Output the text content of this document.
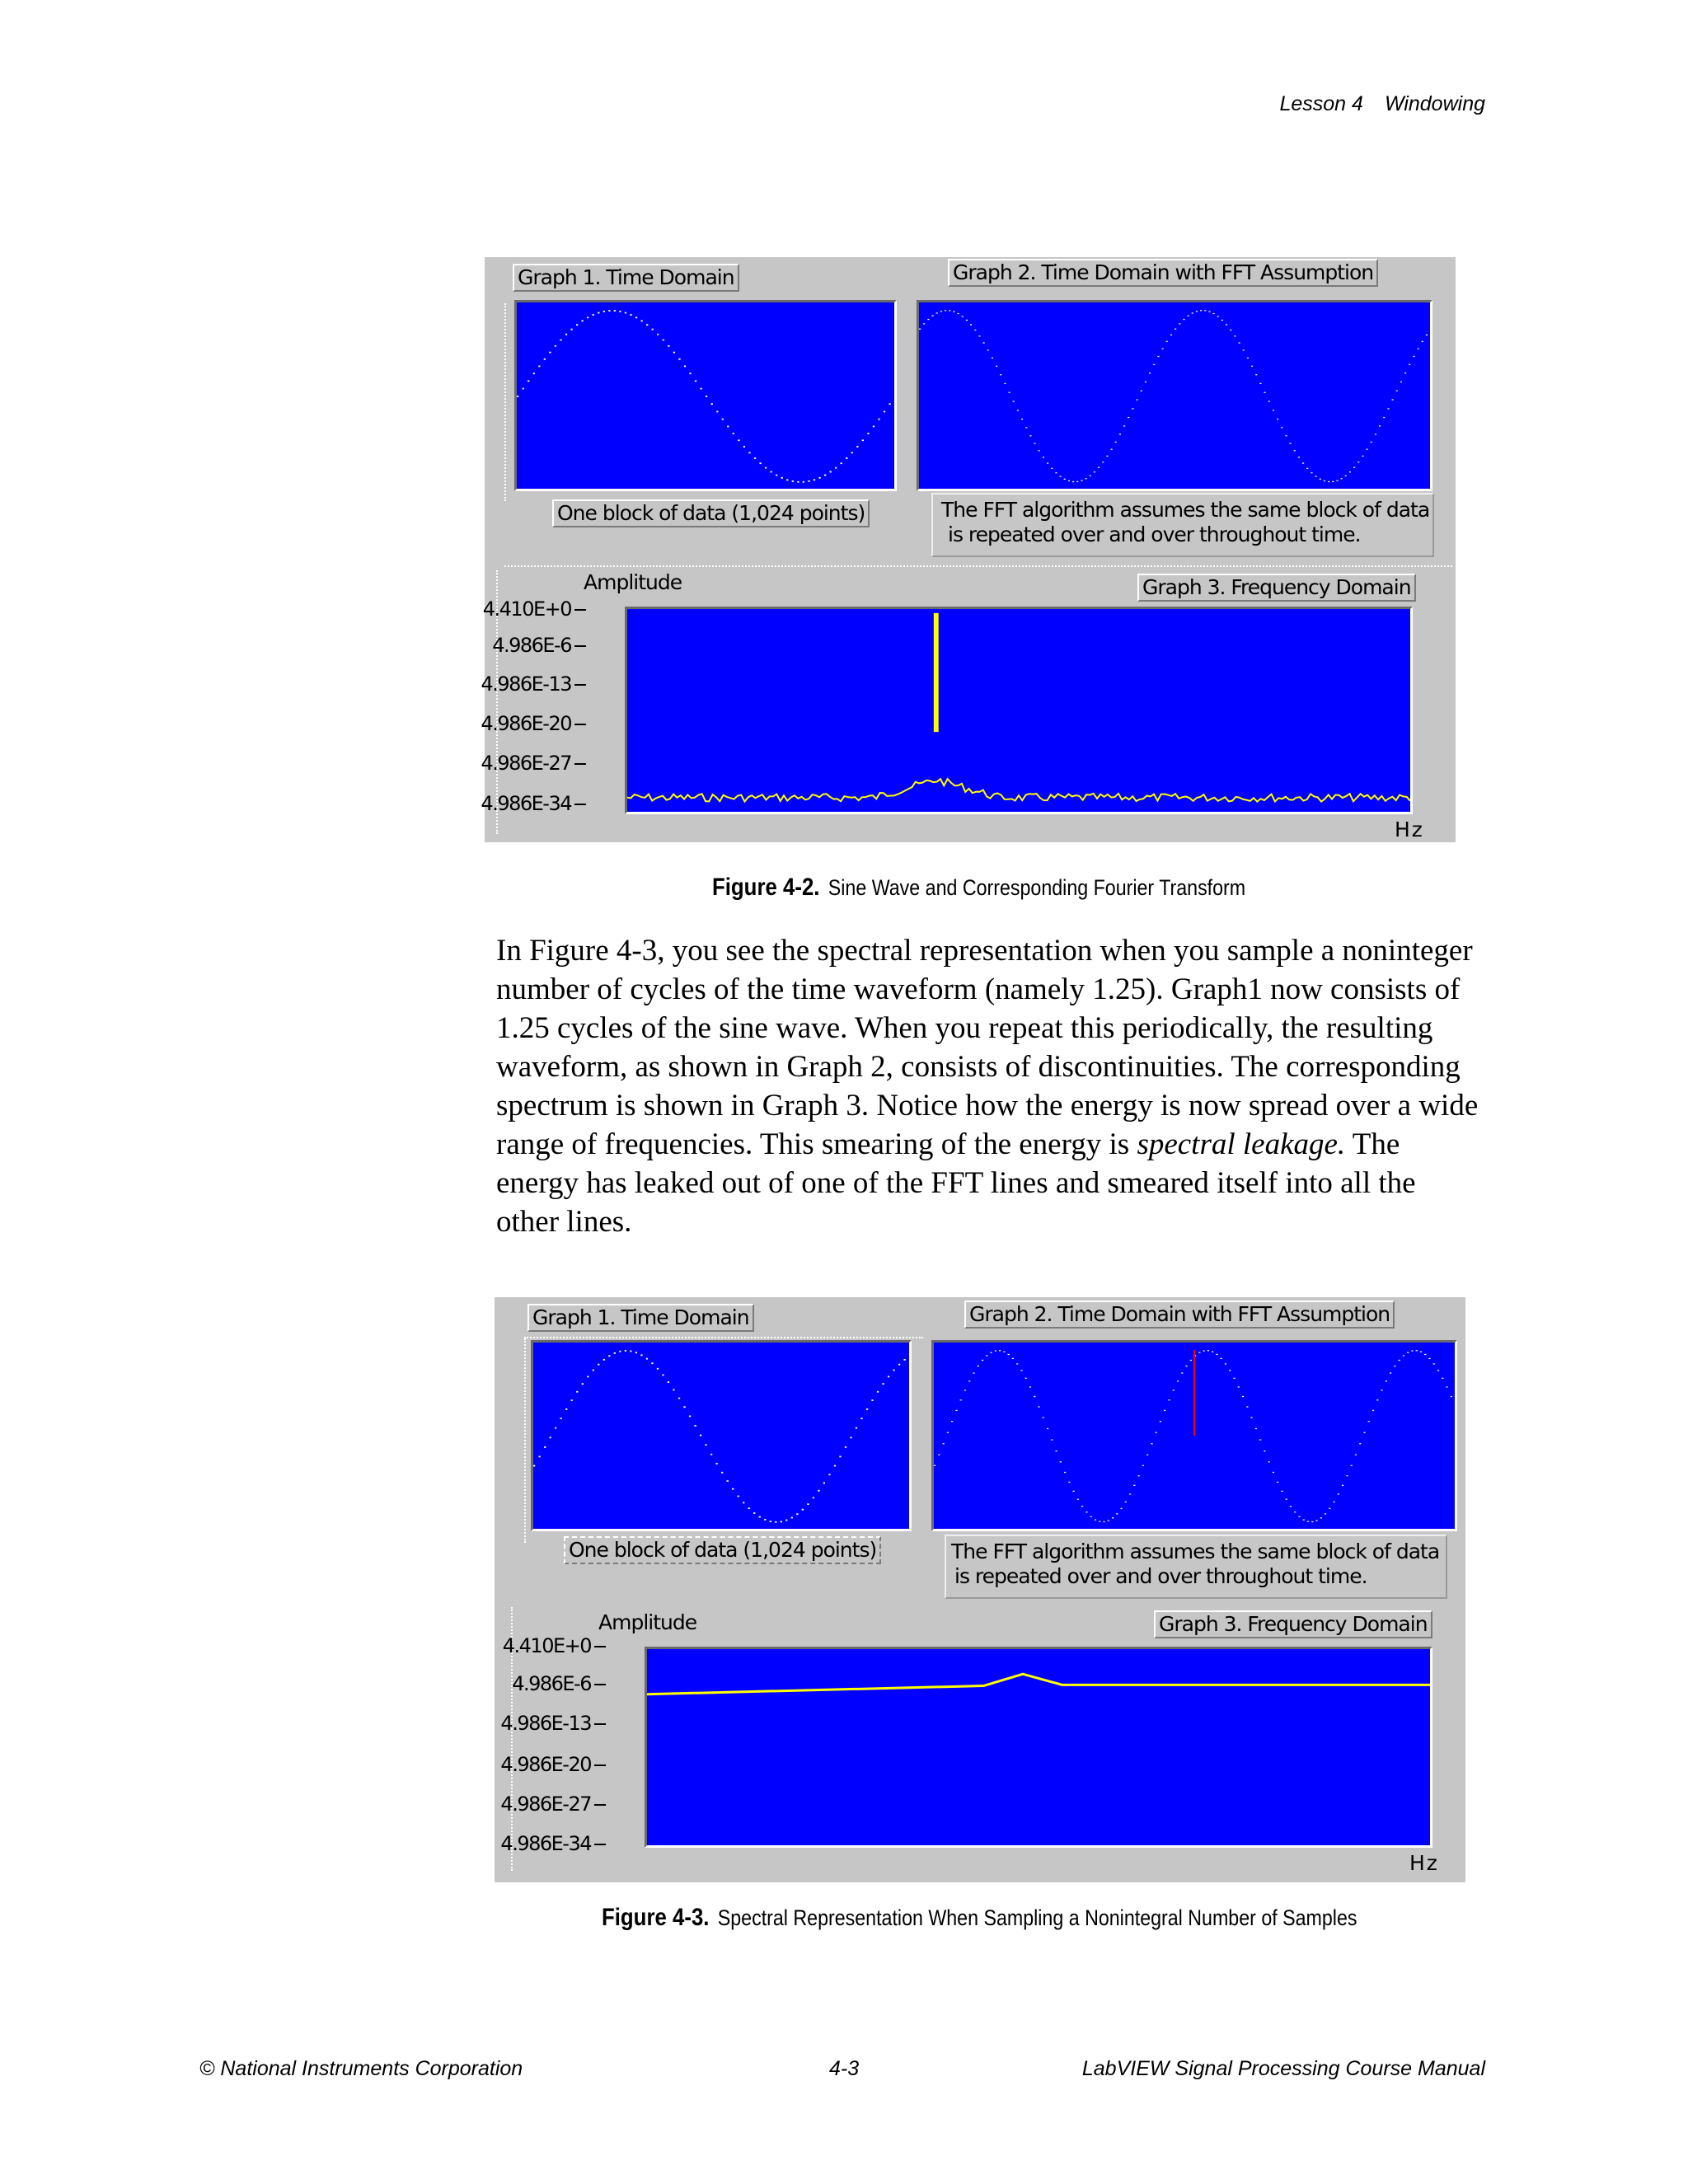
Lesson 4 Windowing
Graph 1. Time Domain	Graph 2. Time Domain with FFT Assumption
One block of data (1,024 points)	The FFT algorithm assumes the same block of data
is repeated over and over throughout time.
Amplitude	Graph 3. Frequency Domain
4.410E+0
4.986E-6
4.986E-13
4.986E-20
4.986E-27
4.986E-34
Hz
Figure 4-2. Sine Wave and Corresponding Fourier Transform

In Figure 4-3, you see the spectral representation when you sample a noninteger number of cycles of the time waveform (namely 1.25). Graph1 now consists of 1.25 cycles of the sine wave. When you repeat this periodically, the resulting waveform, as shown in Graph 2, consists of discontinuities. The corresponding spectrum is shown in Graph 3. Notice how the energy is now spread over a wide range of frequencies. This smearing of the energy is spectral leakage. The energy has leaked out of one of the FFT lines and smeared itself into all the other lines.

Graph 1. Time Domain	Graph 2. Time Domain with FFT Assumption
One block of data (1,024 points)	The FFT algorithm assumes the same block of data
is repeated over and over throughout time.
Amplitude	Graph 3. Frequency Domain
4.410E+0
4.986E-6
4.986E-13
4.986E-20
4.986E-27
4.986E-34
Hz
Figure 4-3. Spectral Representation When Sampling a Nonintegral Number of Samples
© National Instruments Corporation	4-3	LabVIEW Signal Processing Course Manual
